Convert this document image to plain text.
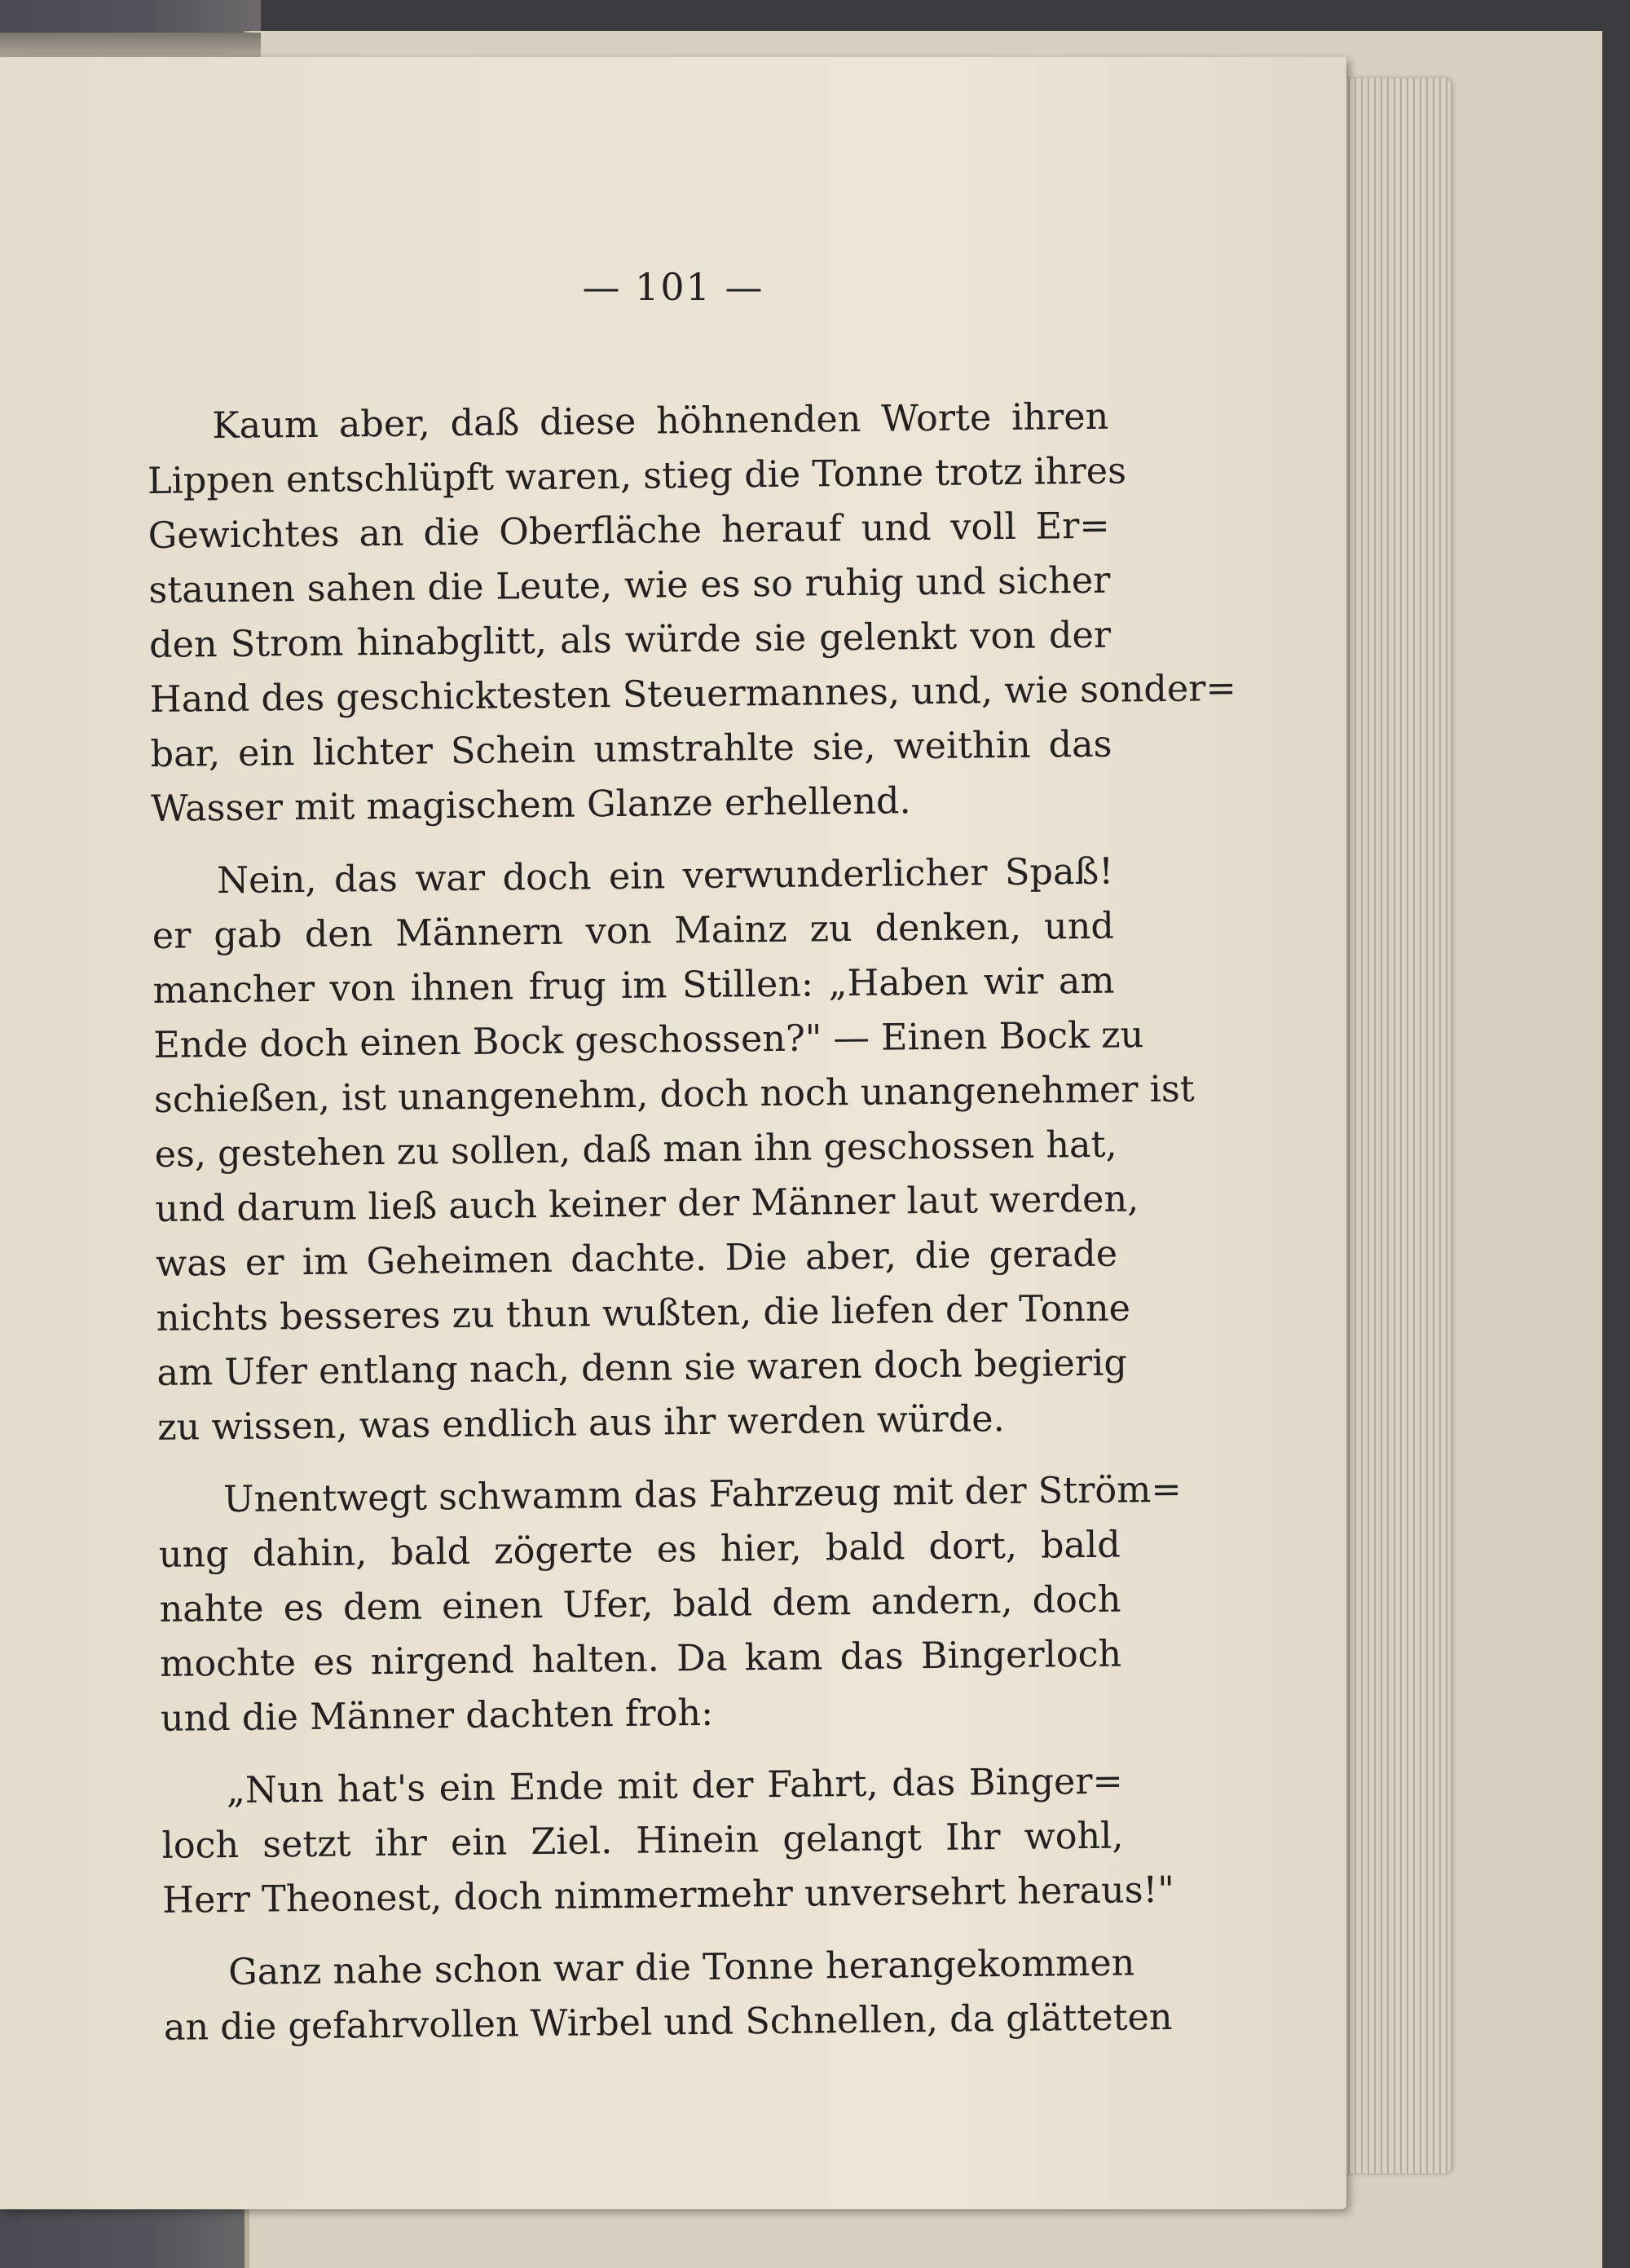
— 101 —
Kaum aber, daß diese höhnenden Worte ihren
Lippen entschlüpft waren, stieg die Tonne trotz ihres
Gewichtes an die Oberfläche herauf und voll Er=
staunen sahen die Leute, wie es so ruhig und sicher
den Strom hinabglitt, als würde sie gelenkt von der
Hand des geschicktesten Steuermannes, und, wie sonder=
bar, ein lichter Schein umstrahlte sie, weithin das
Wasser mit magischem Glanze erhellend.
Nein, das war doch ein verwunderlicher Spaß!
er gab den Männern von Mainz zu denken, und
mancher von ihnen frug im Stillen: „Haben wir am
Ende doch einen Bock geschossen?" — Einen Bock zu
schießen, ist unangenehm, doch noch unangenehmer ist
es, gestehen zu sollen, daß man ihn geschossen hat,
und darum ließ auch keiner der Männer laut werden,
was er im Geheimen dachte. Die aber, die gerade
nichts besseres zu thun wußten, die liefen der Tonne
am Ufer entlang nach, denn sie waren doch begierig
zu wissen, was endlich aus ihr werden würde.
Unentwegt schwamm das Fahrzeug mit der Ström=
ung dahin, bald zögerte es hier, bald dort, bald
nahte es dem einen Ufer, bald dem andern, doch
mochte es nirgend halten. Da kam das Bingerloch
und die Männer dachten froh:
„Nun hat's ein Ende mit der Fahrt, das Binger=
loch setzt ihr ein Ziel. Hinein gelangt Ihr wohl,
Herr Theonest, doch nimmermehr unversehrt heraus!"
Ganz nahe schon war die Tonne herangekommen
an die gefahrvollen Wirbel und Schnellen, da glätteten
